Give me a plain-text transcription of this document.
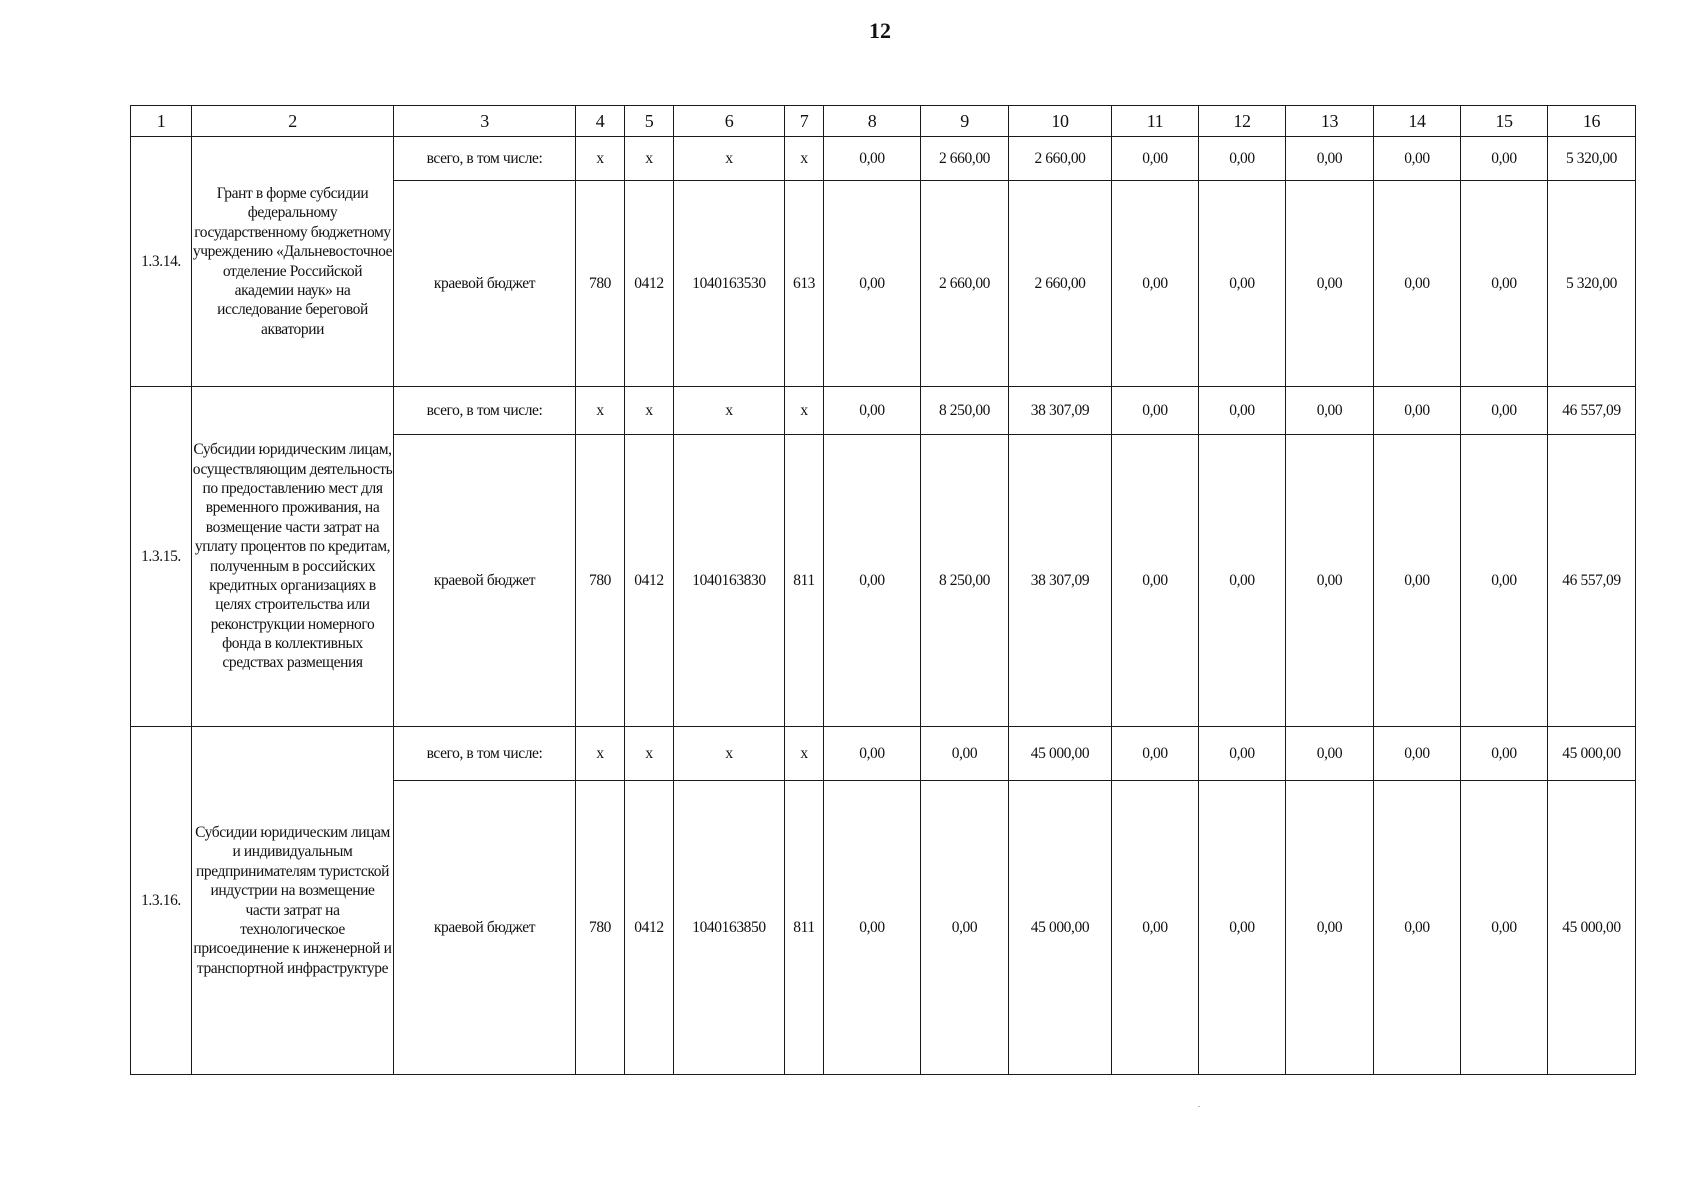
12
1	2	3	4	5	6	7	8	9	10	11	12	13	14	15	16
1.3.14.	Грант в форме субсидии федеральному государственному бюджетному учреждению «Дальневосточное отделение Российской академии наук» на исследование береговой акватории	всего, в том числе:	x	x	x	x	0,00	2 660,00	2 660,00	0,00	0,00	0,00	0,00	0,00	5 320,00
		краевой бюджет	780	0412	1040163530	613	0,00	2 660,00	2 660,00	0,00	0,00	0,00	0,00	0,00	5 320,00
1.3.15.	Субсидии юридическим лицам, осуществляющим деятельность по предоставлению мест для временного проживания, на возмещение части затрат на уплату процентов по кредитам, полученным в российских кредитных организациях в целях строительства или реконструкции номерного фонда в коллективных средствах размещения	всего, в том числе:	x	x	x	x	0,00	8 250,00	38 307,09	0,00	0,00	0,00	0,00	0,00	46 557,09
		краевой бюджет	780	0412	1040163830	811	0,00	8 250,00	38 307,09	0,00	0,00	0,00	0,00	0,00	46 557,09
1.3.16.	Субсидии юридическим лицам и индивидуальным предпринимателям туристской индустрии на возмещение части затрат на технологическое присоединение к инженерной и транспортной инфраструктуре	всего, в том числе:	x	x	x	x	0,00	0,00	45 000,00	0,00	0,00	0,00	0,00	0,00	45 000,00
		краевой бюджет	780	0412	1040163850	811	0,00	0,00	45 000,00	0,00	0,00	0,00	0,00	0,00	45 000,00
